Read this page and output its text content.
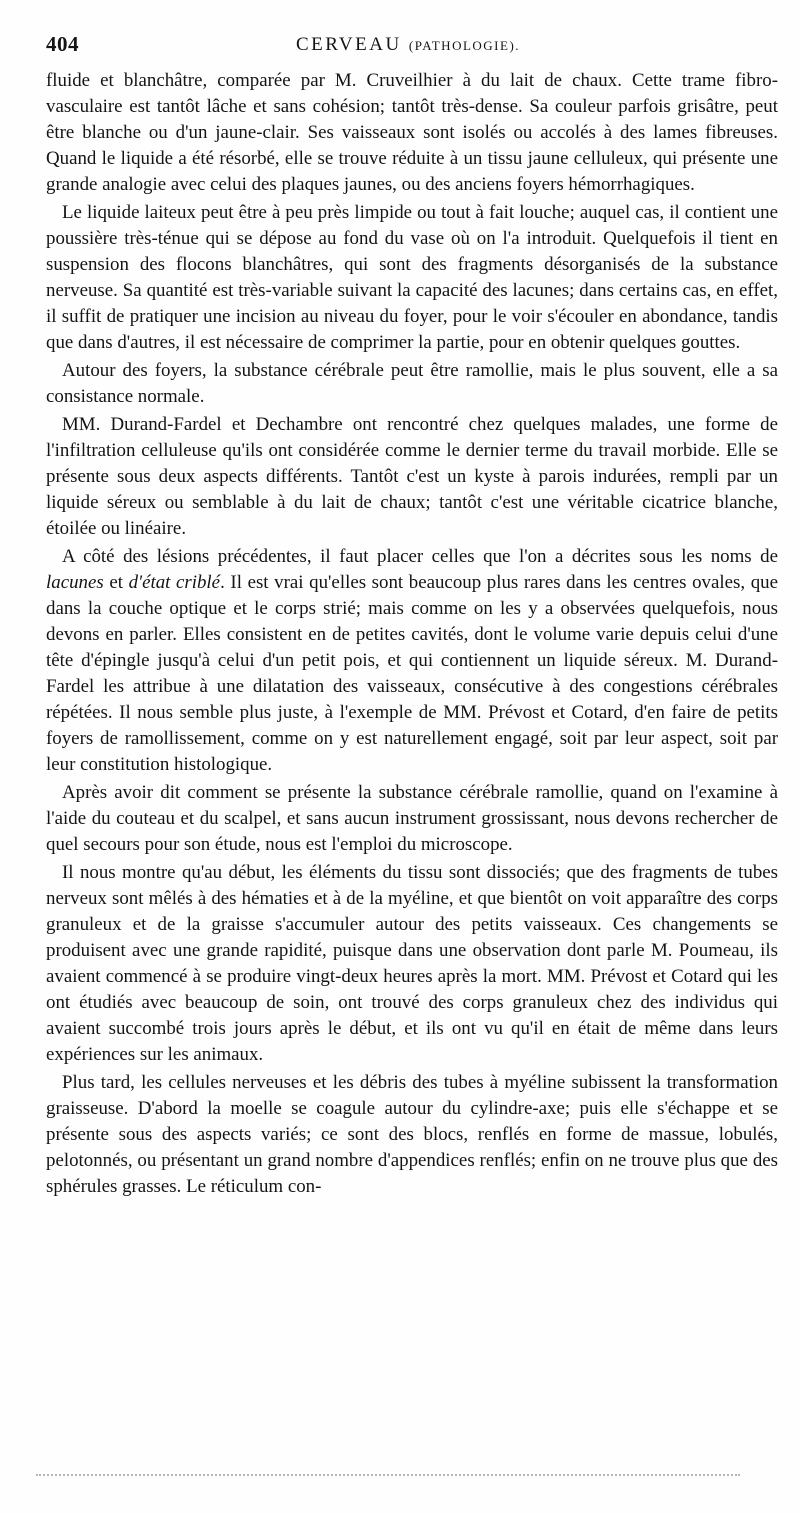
404	CERVEAU (PATHOLOGIE).

fluide et blanchâtre, comparée par M. Cruveilhier à du lait de chaux. Cette trame fibro-vasculaire est tantôt lâche et sans cohésion; tantôt très-dense. Sa couleur parfois grisâtre, peut être blanche ou d'un jaune-clair. Ses vaisseaux sont isolés ou accolés à des lames fibreuses. Quand le liquide a été résorbé, elle se trouve réduite à un tissu jaune celluleux, qui présente une grande analogie avec celui des plaques jaunes, ou des anciens foyers hémorrhagiques.

Le liquide laiteux peut être à peu près limpide ou tout à fait louche; auquel cas, il contient une poussière très-ténue qui se dépose au fond du vase où on l'a introduit. Quelquefois il tient en suspension des flocons blanchâtres, qui sont des fragments désorganisés de la substance nerveuse. Sa quantité est très-variable suivant la capacité des lacunes; dans certains cas, en effet, il suffit de pratiquer une incision au niveau du foyer, pour le voir s'écouler en abondance, tandis que dans d'autres, il est nécessaire de comprimer la partie, pour en obtenir quelques gouttes.

Autour des foyers, la substance cérébrale peut être ramollie, mais le plus souvent, elle a sa consistance normale.

MM. Durand-Fardel et Dechambre ont rencontré chez quelques malades, une forme de l'infiltration celluleuse qu'ils ont considérée comme le dernier terme du travail morbide. Elle se présente sous deux aspects différents. Tantôt c'est un kyste à parois indurées, rempli par un liquide séreux ou semblable à du lait de chaux; tantôt c'est une véritable cicatrice blanche, étoilée ou linéaire.

A côté des lésions précédentes, il faut placer celles que l'on a décrites sous les noms de lacunes et d'état criblé. Il est vrai qu'elles sont beaucoup plus rares dans les centres ovales, que dans la couche optique et le corps strié; mais comme on les y a observées quelquefois, nous devons en parler. Elles consistent en de petites cavités, dont le volume varie depuis celui d'une tête d'épingle jusqu'à celui d'un petit pois, et qui contiennent un liquide séreux. M. Durand-Fardel les attribue à une dilatation des vaisseaux, consécutive à des congestions cérébrales répétées. Il nous semble plus juste, à l'exemple de MM. Prévost et Cotard, d'en faire de petits foyers de ramollissement, comme on y est naturellement engagé, soit par leur aspect, soit par leur constitution histologique.

Après avoir dit comment se présente la substance cérébrale ramollie, quand on l'examine à l'aide du couteau et du scalpel, et sans aucun instrument grossissant, nous devons rechercher de quel secours pour son étude, nous est l'emploi du microscope.

Il nous montre qu'au début, les éléments du tissu sont dissociés; que des fragments de tubes nerveux sont mêlés à des hématies et à de la myéline, et que bientôt on voit apparaître des corps granuleux et de la graisse s'accumuler autour des petits vaisseaux. Ces changements se produisent avec une grande rapidité, puisque dans une observation dont parle M. Poumeau, ils avaient commencé à se produire vingt-deux heures après la mort. MM. Prévost et Cotard qui les ont étudiés avec beaucoup de soin, ont trouvé des corps granuleux chez des individus qui avaient succombé trois jours après le début, et ils ont vu qu'il en était de même dans leurs expériences sur les animaux.

Plus tard, les cellules nerveuses et les débris des tubes à myéline subissent la transformation graisseuse. D'abord la moelle se coagule autour du cylindre-axe; puis elle s'échappe et se présente sous des aspects variés; ce sont des blocs, renflés en forme de massue, lobulés, pelotonnés, ou présentant un grand nombre d'appendices renflés; enfin on ne trouve plus que des sphérules grasses. Le réticulum con-
